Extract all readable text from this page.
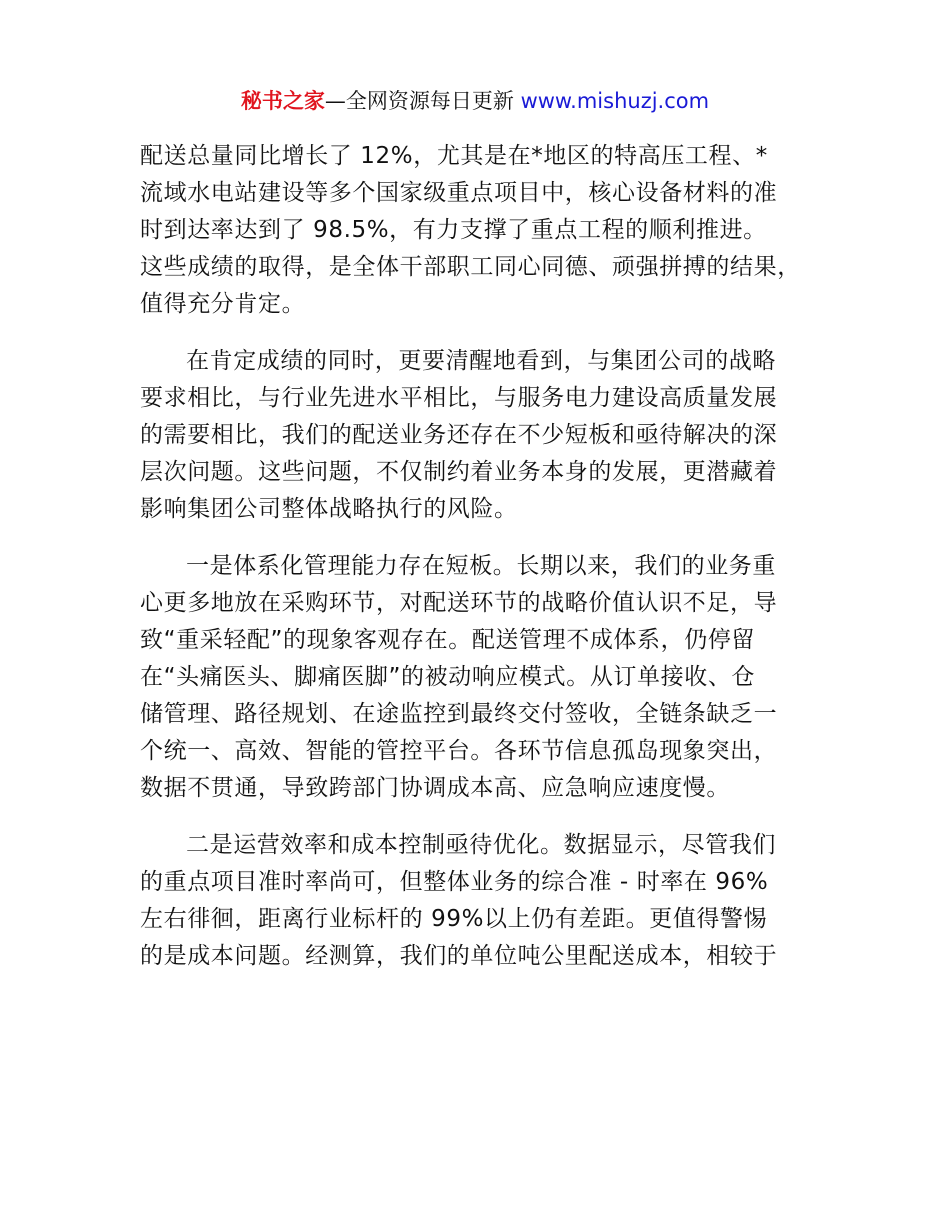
秘书之家—全网资源每日更新 www.mishuzj.com
配送总量同比增长了 12%，尤其是在*地区的特高压工程、*
流域水电站建设等多个国家级重点项目中，核心设备材料的准
时到达率达到了 98.5%，有力支撑了重点工程的顺利推进。
这些成绩的取得，是全体干部职工同心同德、顽强拼搏的结果，
值得充分肯定。
在肯定成绩的同时，更要清醒地看到，与集团公司的战略
要求相比，与行业先进水平相比，与服务电力建设高质量发展
的需要相比，我们的配送业务还存在不少短板和亟待解决的深
层次问题。这些问题，不仅制约着业务本身的发展，更潜藏着
影响集团公司整体战略执行的风险。
一是体系化管理能力存在短板。长期以来，我们的业务重
心更多地放在采购环节，对配送环节的战略价值认识不足，导
致“重采轻配”的现象客观存在。配送管理不成体系，仍停留
在“头痛医头、脚痛医脚”的被动响应模式。从订单接收、仓
储管理、路径规划、在途监控到最终交付签收，全链条缺乏一
个统一、高效、智能的管控平台。各环节信息孤岛现象突出，
数据不贯通，导致跨部门协调成本高、应急响应速度慢。
二是运营效率和成本控制亟待优化。数据显示，尽管我们
的重点项目准时率尚可，但整体业务的综合准 - 时率在 96%
左右徘徊，距离行业标杆的 99%以上仍有差距。更值得警惕
的是成本问题。经测算，我们的单位吨公里配送成本，相较于
